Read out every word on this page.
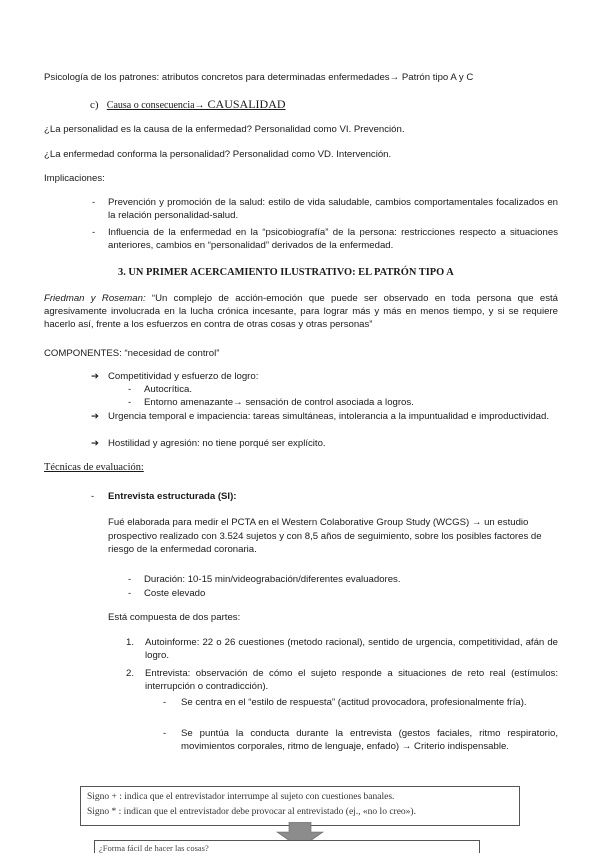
Psicología de los patrones: atributos concretos para determinadas enfermedades→ Patrón tipo A y C

c) Causa o consecuencia→ CAUSALIDAD

¿La personalidad es la causa de la enfermedad? Personalidad como VI. Prevención.

¿La enfermedad conforma la personalidad? Personalidad como VD. Intervención.

Implicaciones:

- Prevención y promoción de la salud: estilo de vida saludable, cambios comportamentales focalizados en la relación personalidad-salud.

- Influencia de la enfermedad en la “psicobiografía” de la persona: restricciones respecto a situaciones anteriores, cambios en “personalidad” derivados de la enfermedad.

3. UN PRIMER ACERCAMIENTO ILUSTRATIVO: EL PATRÓN TIPO A

Friedman y Roseman: “Un complejo de acción-emoción que puede ser observado en toda persona que está agresivamente involucrada en la lucha crónica incesante, para lograr más y más en menos tiempo, y si se requiere hacerlo así, frente a los esfuerzos en contra de otras cosas y otras personas”

COMPONENTES: “necesidad de control”

➔ Competitividad y esfuerzo de logro:

- Autocrítica.

- Entorno amenazante→ sensación de control asociada a logros.

➔ Urgencia temporal e impaciencia: tareas simultáneas, intolerancia a la impuntualidad e improductividad.

➔ Hostilidad y agresión: no tiene porqué ser explícito.

Técnicas de evaluación:

- Entrevista estructurada (SI):

Fué elaborada para medir el PCTA en el Western Colaborative Group Study (WCGS) → un estudio prospectivo realizado con 3.524 sujetos y con 8,5 años de seguimiento, sobre los posibles factores de riesgo de la enfermedad coronaria.

- Duración: 10-15 min/videograbación/diferentes evaluadores.

- Coste elevado

Está compuesta de dos partes:

1. Autoinforme: 22 o 26 cuestiones (metodo racional), sentido de urgencia, competitividad, afán de logro.

2. Entrevista: observación de cómo el sujeto responde a situaciones de reto real (estímulos: interrupción o contradicción).

- Se centra en el “estilo de respuesta” (actitud provocadora, profesionalmente fría).

- Se puntúa la conducta durante la entrevista (gestos faciales, ritmo respiratorio, movimientos corporales, ritmo de lenguaje, enfado) → Criterio indispensable.

Signo + : indica que el entrevistador interrumpe al sujeto con cuestiones banales.

Signo * : indican que el entrevistador debe provocar al entrevistado (ej., «no lo creo»).

¿Forma fácil de hacer las cosas?
